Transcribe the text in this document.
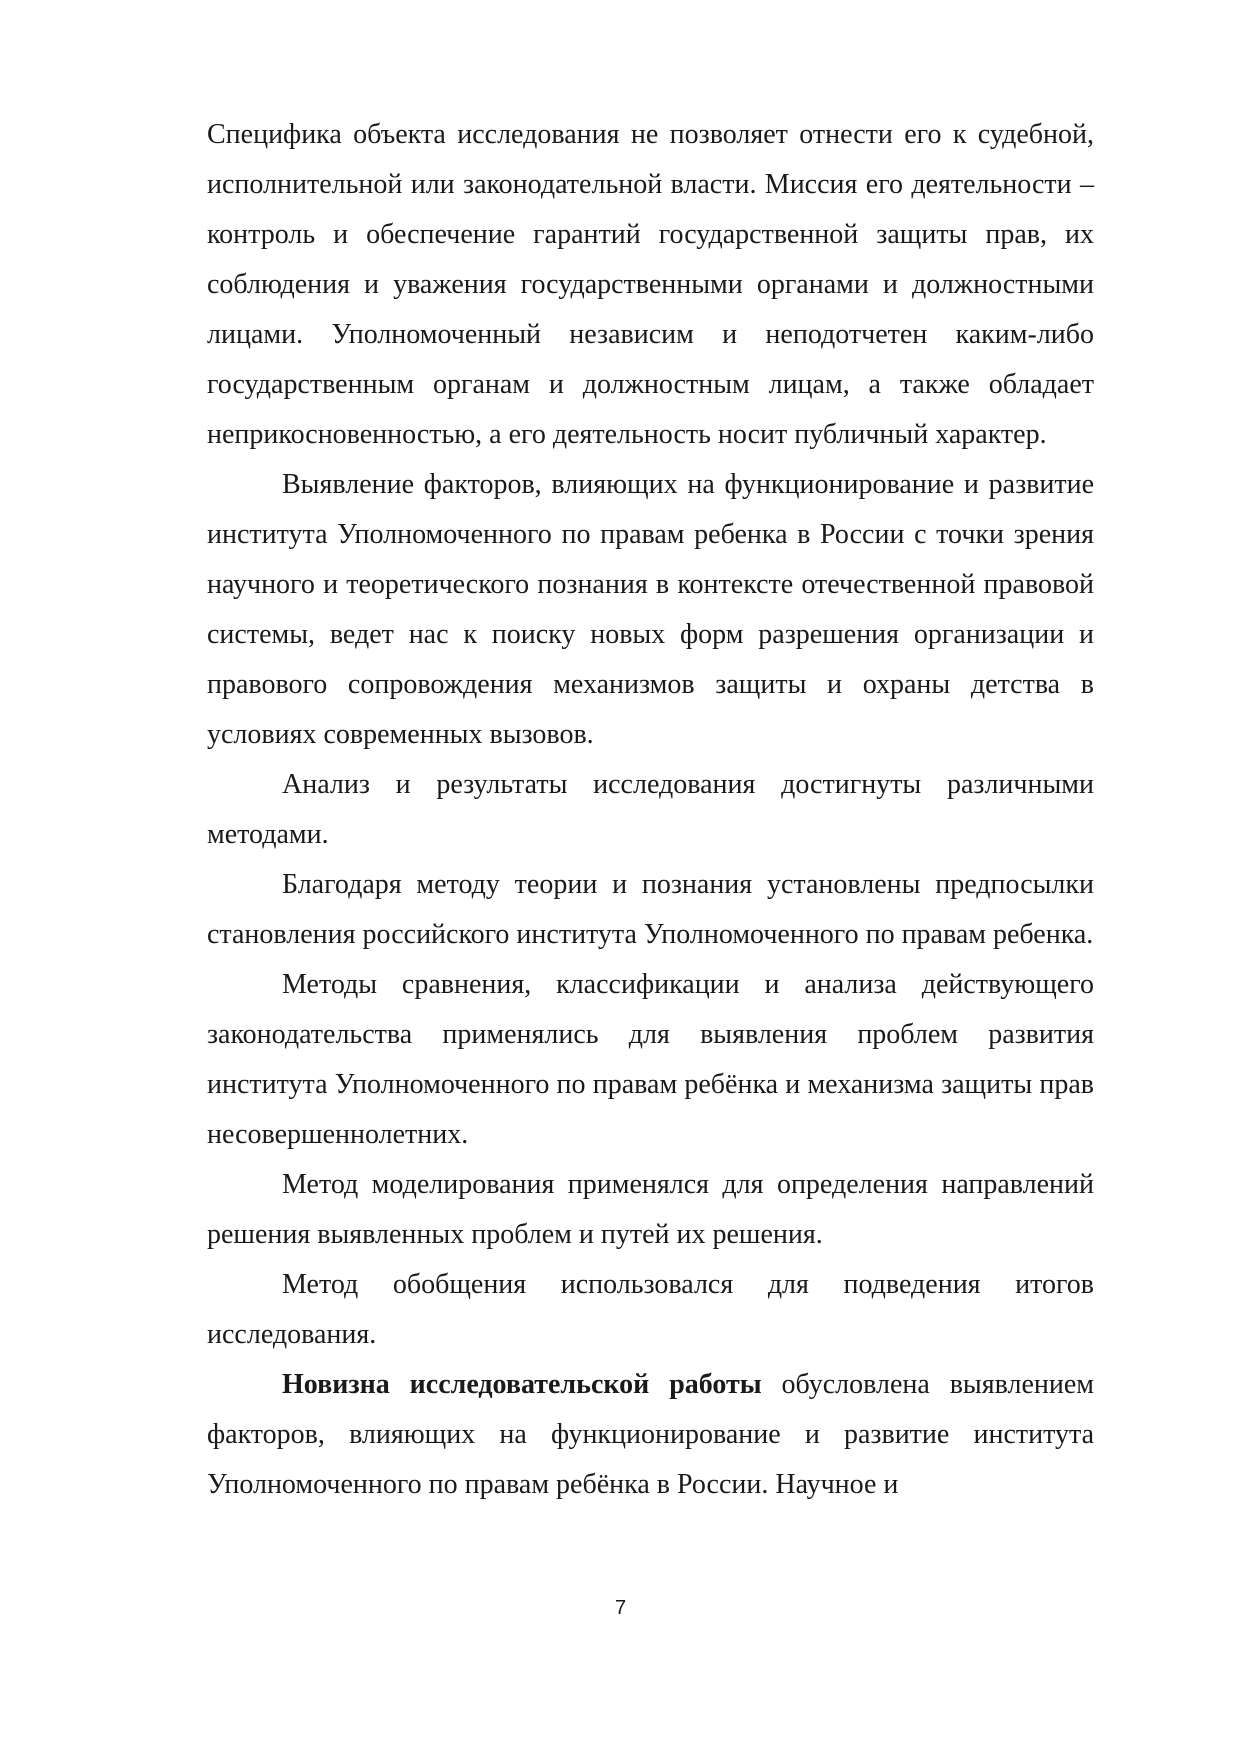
Специфика объекта исследования не позволяет отнести его к судебной, исполнительной или законодательной власти. Миссия его деятельности – контроль и обеспечение гарантий государственной защиты прав, их соблюдения и уважения государственными органами и должностными лицами. Уполномоченный независим и неподотчетен каким-либо государственным органам и должностным лицам, а также обладает неприкосновенностью, а его деятельность носит публичный характер.

Выявление факторов, влияющих на функционирование и развитие института Уполномоченного по правам ребенка в России с точки зрения научного и теоретического познания в контексте отечественной правовой системы, ведет нас к поиску новых форм разрешения организации и правового сопровождения механизмов защиты и охраны детства в условиях современных вызовов.

Анализ и результаты исследования достигнуты различными методами.

Благодаря методу теории и познания установлены предпосылки становления российского института Уполномоченного по правам ребенка.

Методы сравнения, классификации и анализа действующего законодательства применялись для выявления проблем развития института Уполномоченного по правам ребёнка и механизма защиты прав несовершеннолетних.

Метод моделирования применялся для определения направлений решения выявленных проблем и путей их решения.

Метод обобщения использовался для подведения итогов исследования.

Новизна исследовательской работы обусловлена выявлением факторов, влияющих на функционирование и развитие института Уполномоченного по правам ребёнка в России. Научное и

7
